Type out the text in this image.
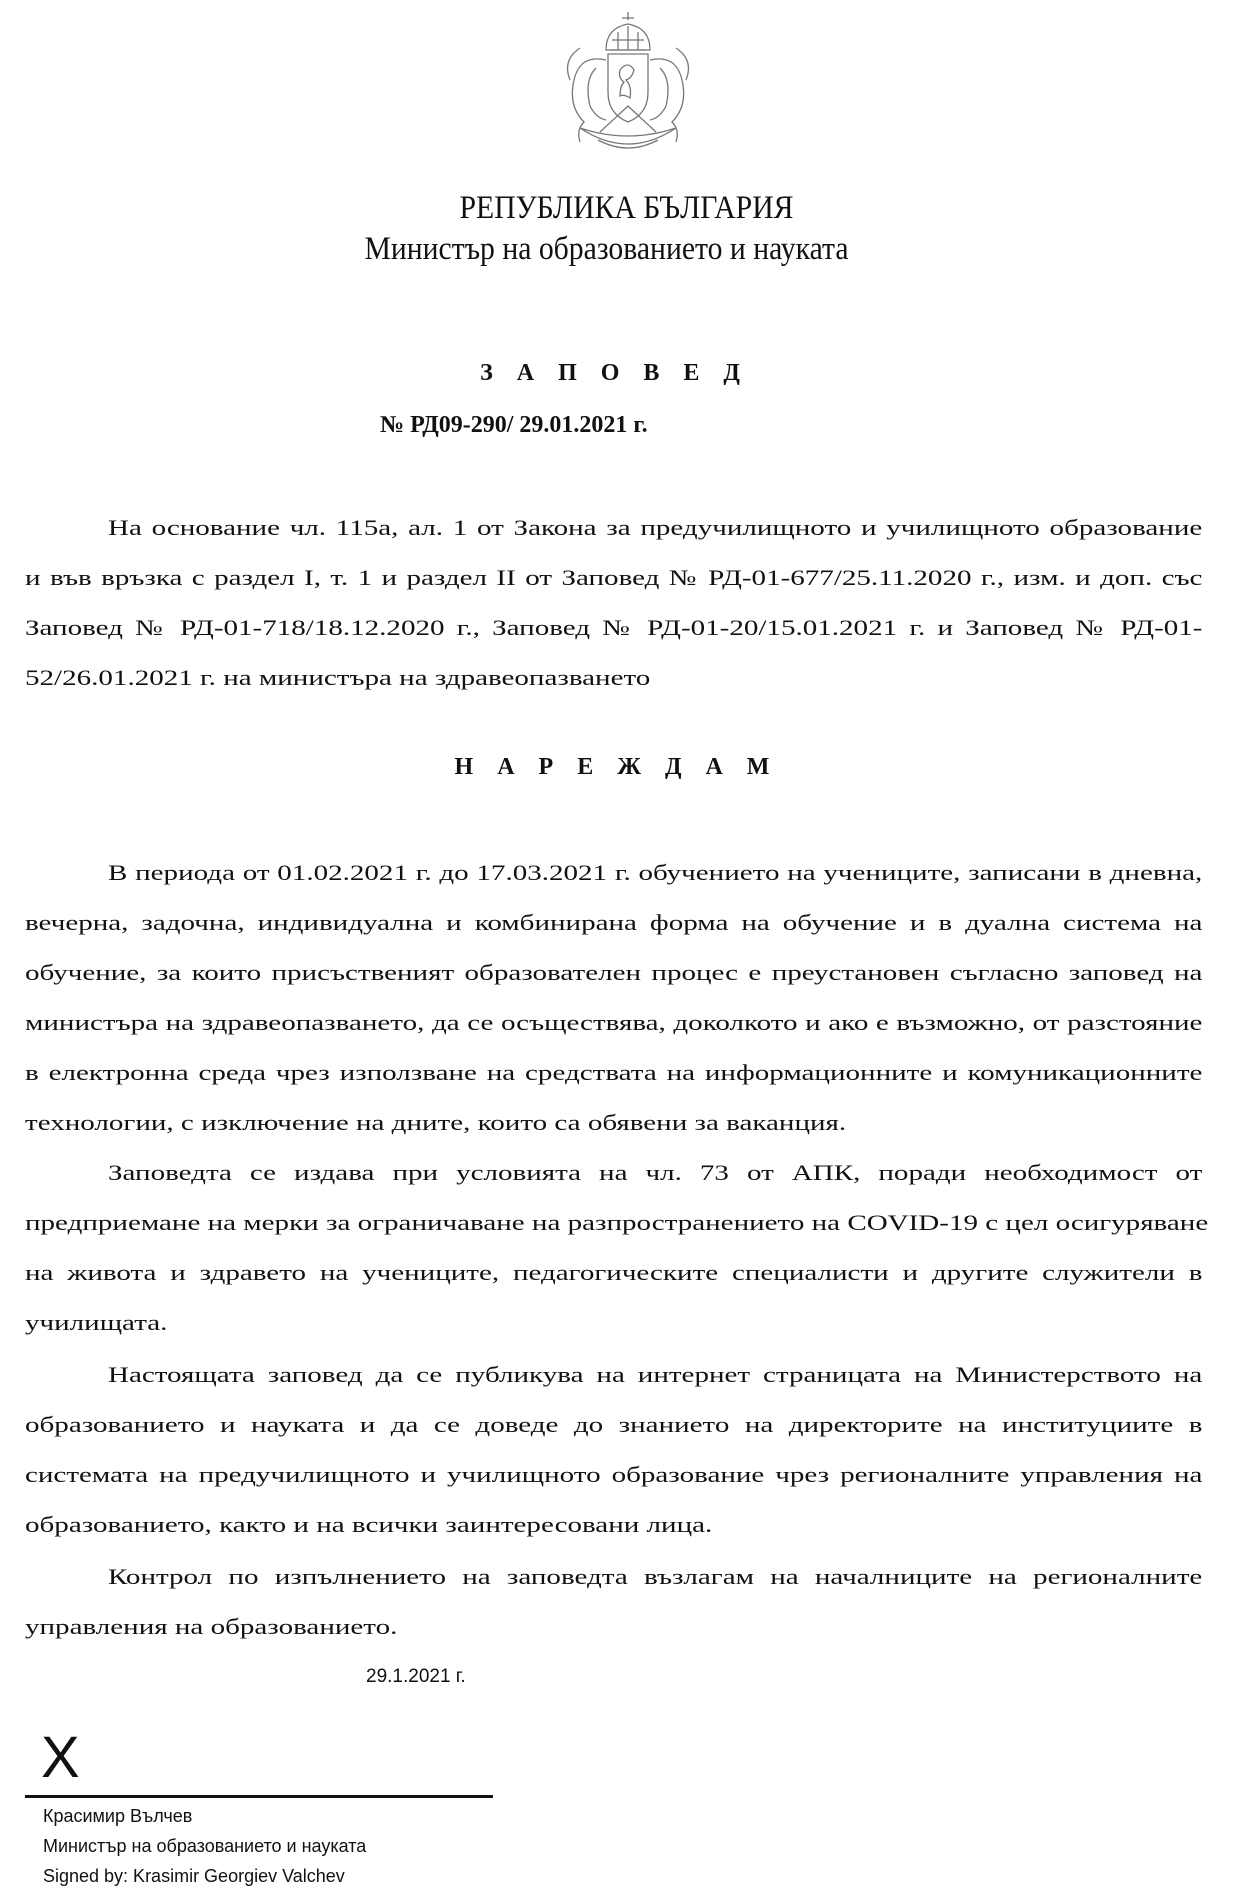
РЕПУБЛИКА БЪЛГАРИЯ
Министър на образованието и науката
З А П О В Е Д
№ РД09-290/ 29.01.2021 г.
На основание чл. 115а, ал. 1 от Закона за предучилищното и училищното образование
и във връзка с раздел I, т. 1 и раздел II от Заповед № РД-01-677/25.11.2020 г., изм. и доп. със
Заповед № РД-01-718/18.12.2020 г., Заповед № РД-01-20/15.01.2021 г. и Заповед № РД-01-
52/26.01.2021 г. на министъра на здравеопазването
Н А Р Е Ж Д А М
В периода от 01.02.2021 г. до 17.03.2021 г. обучението на учениците, записани в дневна,
вечерна, задочна, индивидуална и комбинирана форма на обучение и в дуална система на
обучение, за които присъственият образователен процес е преустановен съгласно заповед на
министъра на здравеопазването, да се осъществява, доколкото и ако е възможно, от разстояние
в електронна среда чрез използване на средствата на информационните и комуникационните
технологии, с изключение на дните, които са обявени за ваканция.
Заповедта се издава при условията на чл. 73 от АПК, поради необходимост от
предприемане на мерки за ограничаване на разпространението на COVID-19 с цел осигуряване
на живота и здравето на учениците, педагогическите специалисти и другите служители в
училищата.
Настоящата заповед да се публикува на интернет страницата на Министерството на
образованието и науката и да се доведе до знанието на директорите на институциите в
системата на предучилищното и училищното образование чрез регионалните управления на
образованието, както и на всички заинтересовани лица.
Контрол по изпълнението на заповедта възлагам на началниците на регионалните
управления на образованието.
29.1.2021 г.
X
Красимир Вълчев
Министър на образованието и науката
Signed by: Krasimir Georgiev Valchev
